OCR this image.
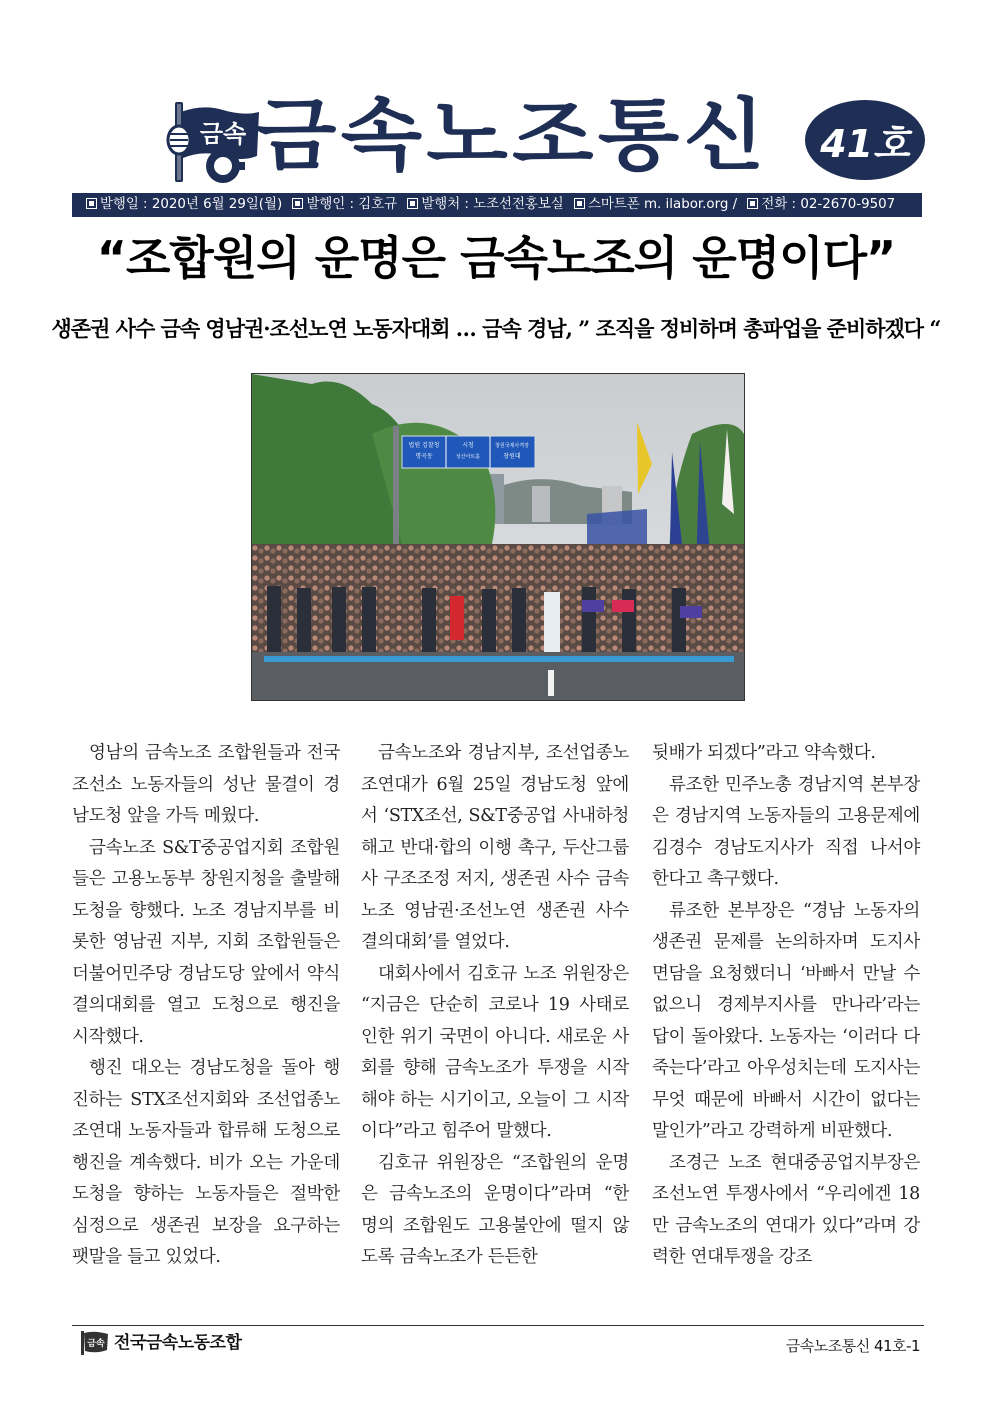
금속 금속노조통신	41호
발행일 : 2020년 6월 29일(월) 발행인 : 김호규 발행처 : 노조선전홍보실 스마트폰 m. ilabor.org / 전화 : 02-2670-9507
“조합원의 운명은 금속노조의 운명이다”
생존권 사수 금속 영남권·조선노연 노동자대회 … 금속 경남, ” 조직을 정비하며 총파업을 준비하겠다 “
법원 검찰청	시청	창원국제사격장
명곡동	성산아트홀	창원대

영남의 금속노조 조합원들과 전국 조선소 노동자들의 성난 물결이 경남도청 앞을 가득 메웠다.

금속노조 S&T중공업지회 조합원들은 고용노동부 창원지청을 출발해 도청을 향했다. 노조 경남지부를 비롯한 영남권 지부, 지회 조합원들은 더불어민주당 경남도당 앞에서 약식 결의대회를 열고 도청으로 행진을 시작했다.

행진 대오는 경남도청을 돌아 행진하는 STX조선지회와 조선업종노조연대 노동자들과 합류해 도청으로 행진을 계속했다. 비가 오는 가운데 도청을 향하는 노동자들은 절박한 심정으로 생존권 보장을 요구하는 팻말을 들고 있었다.

금속노조와 경남지부, 조선업종노조연대가 6월 25일 경남도청 앞에서 ‘STX조선, S&T중공업 사내하청 해고 반대·합의 이행 촉구, 두산그룹사 구조조정 저지, 생존권 사수 금속노조 영남권·조선노연 생존권 사수 결의대회’를 열었다.

대회사에서 김호규 노조 위원장은 “지금은 단순히 코로나 19 사태로 인한 위기 국면이 아니다. 새로운 사회를 향해 금속노조가 투쟁을 시작해야 하는 시기이고, 오늘이 그 시작이다”라고 힘주어 말했다.

김호규 위원장은 “조합원의 운명은 금속노조의 운명이다”라며 “한 명의 조합원도 고용불안에 떨지 않도록 금속노조가 든든한

뒷배가 되겠다”라고 약속했다.

류조한 민주노총 경남지역 본부장은 경남지역 노동자들의 고용문제에 김경수 경남도지사가 직접 나서야 한다고 촉구했다.

류조한 본부장은 “경남 노동자의 생존권 문제를 논의하자며 도지사 면담을 요청했더니 ‘바빠서 만날 수 없으니 경제부지사를 만나라’라는 답이 돌아왔다. 노동자는 ‘이러다 다 죽는다’라고 아우성치는데 도지사는 무엇 때문에 바빠서 시간이 없다는 말인가”라고 강력하게 비판했다.

조경근 노조 현대중공업지부장은 조선노연 투쟁사에서 “우리에겐 18만 금속노조의 연대가 있다”라며 강력한 연대투쟁을 강조

금속 전국금속노동조합	금속노조통신 41호-1
